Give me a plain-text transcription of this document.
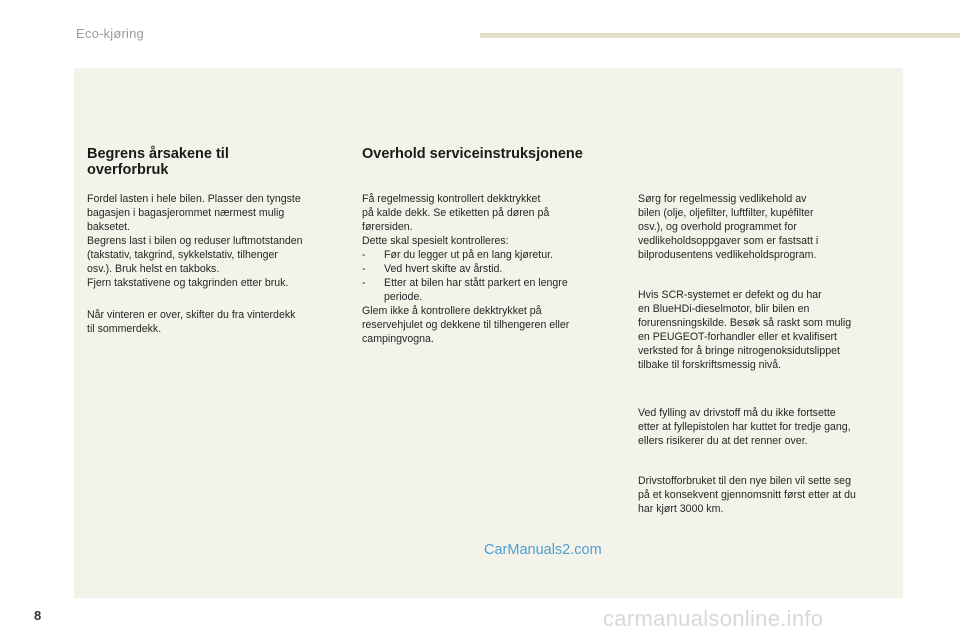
Eco-kjøring
Begrens årsakene til
overforbruk

Fordel lasten i hele bilen. Plasser den tyngste
bagasjen i bagasjerommet nærmest mulig
baksetet.
Begrens last i bilen og reduser luftmotstanden
(takstativ, takgrind, sykkelstativ, tilhenger
osv.). Bruk helst en takboks.
Fjern takstativene og takgrinden etter bruk.

Når vinteren er over, skifter du fra vinterdekk
til sommerdekk.

Overhold serviceinstruksjonene

Få regelmessig kontrollert dekktrykket
på kalde dekk. Se etiketten på døren på
førersiden.
Dette skal spesielt kontrolleres:

- Før du legger ut på en lang kjøretur.
- Ved hvert skifte av årstid.
- Etter at bilen har stått parkert en lengre
periode.

Glem ikke å kontrollere dekktrykket på
reservehjulet og dekkene til tilhengeren eller
campingvogna.

Sørg for regelmessig vedlikehold av
bilen (olje, oljefilter, luftfilter, kupéfilter
osv.), og overhold programmet for
vedlikeholdsoppgaver som er fastsatt i
bilprodusentens vedlikeholdsprogram.

Hvis SCR-systemet er defekt og du har
en BlueHDi-dieselmotor, blir bilen en
forurensningskilde. Besøk så raskt som mulig
en PEUGEOT-forhandler eller et kvalifisert
verksted for å bringe nitrogenoksidutslippet
tilbake til forskriftsmessig nivå.

Ved fylling av drivstoff må du ikke fortsette
etter at fyllepistolen har kuttet for tredje gang,
ellers risikerer du at det renner over.

Drivstofforbruket til den nye bilen vil sette seg
på et konsekvent gjennomsnitt først etter at du
har kjørt 3000 km.

CarManuals2.com
8	carmanualsonline.info
